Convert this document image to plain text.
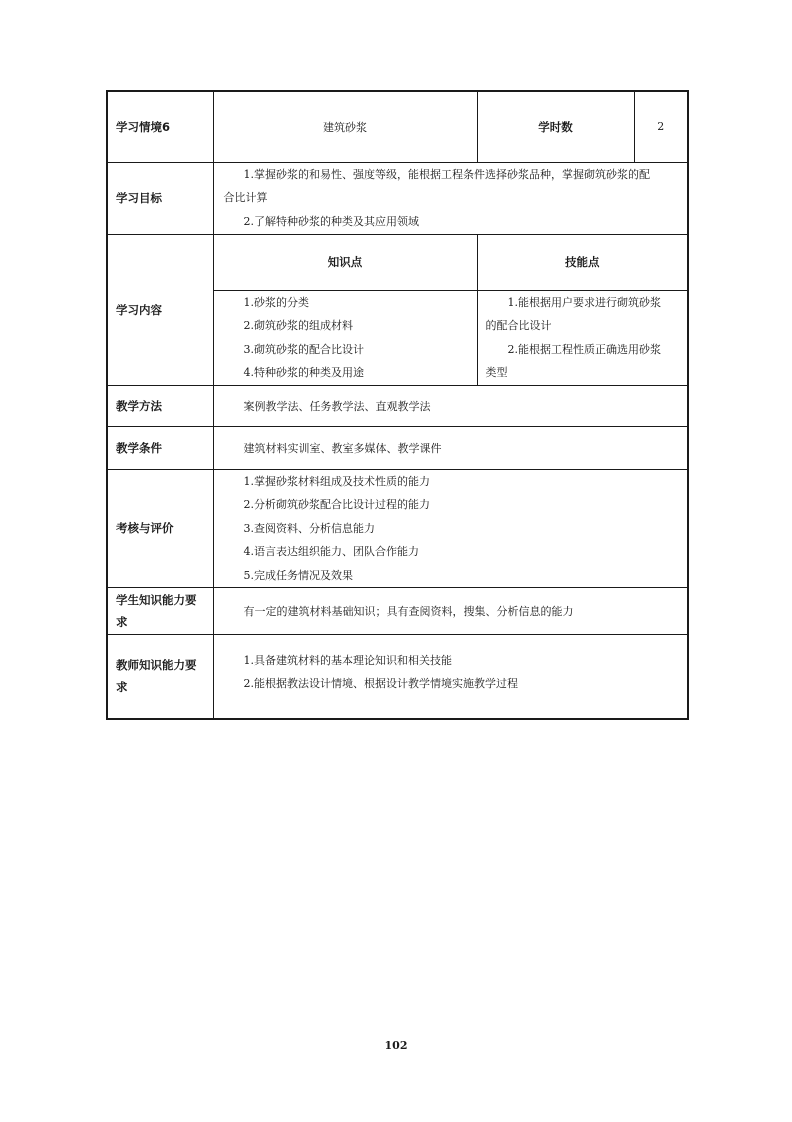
学习情境6	建筑砂浆	学时数	2
学习目标	1.掌握砂浆的和易性、强度等级，能根据工程条件选择砂浆品种，掌握砌筑砂浆的配
合比计算
2.了解特种砂浆的种类及其应用领域		

学习内容	知识点	技能点	

	1.砂浆的分类
2.砌筑砂浆的组成材料
3.砌筑砂浆的配合比设计
4.特种砂浆的种类及用途	1.能根据用户要求进行砌筑砂浆
的配合比设计
2.能根据工程性质正确选用砂浆
类型	

教学方法	案例教学法、任务教学法、直观教学法		

教学条件	建筑材料实训室、教室多媒体、教学课件		

考核与评价	1.掌握砂浆材料组成及技术性质的能力
2.分析砌筑砂浆配合比设计过程的能力
3.查阅资料、分析信息能力
4.语言表达组织能力、团队合作能力
5.完成任务情况及效果		

学生知识能力要
求	有一定的建筑材料基础知识；具有查阅资料，搜集、分析信息的能力		

教师知识能力要
求	1.具备建筑材料的基本理论知识和相关技能
2.能根据教法设计情境、根据设计教学情境实施教学过程		
102
